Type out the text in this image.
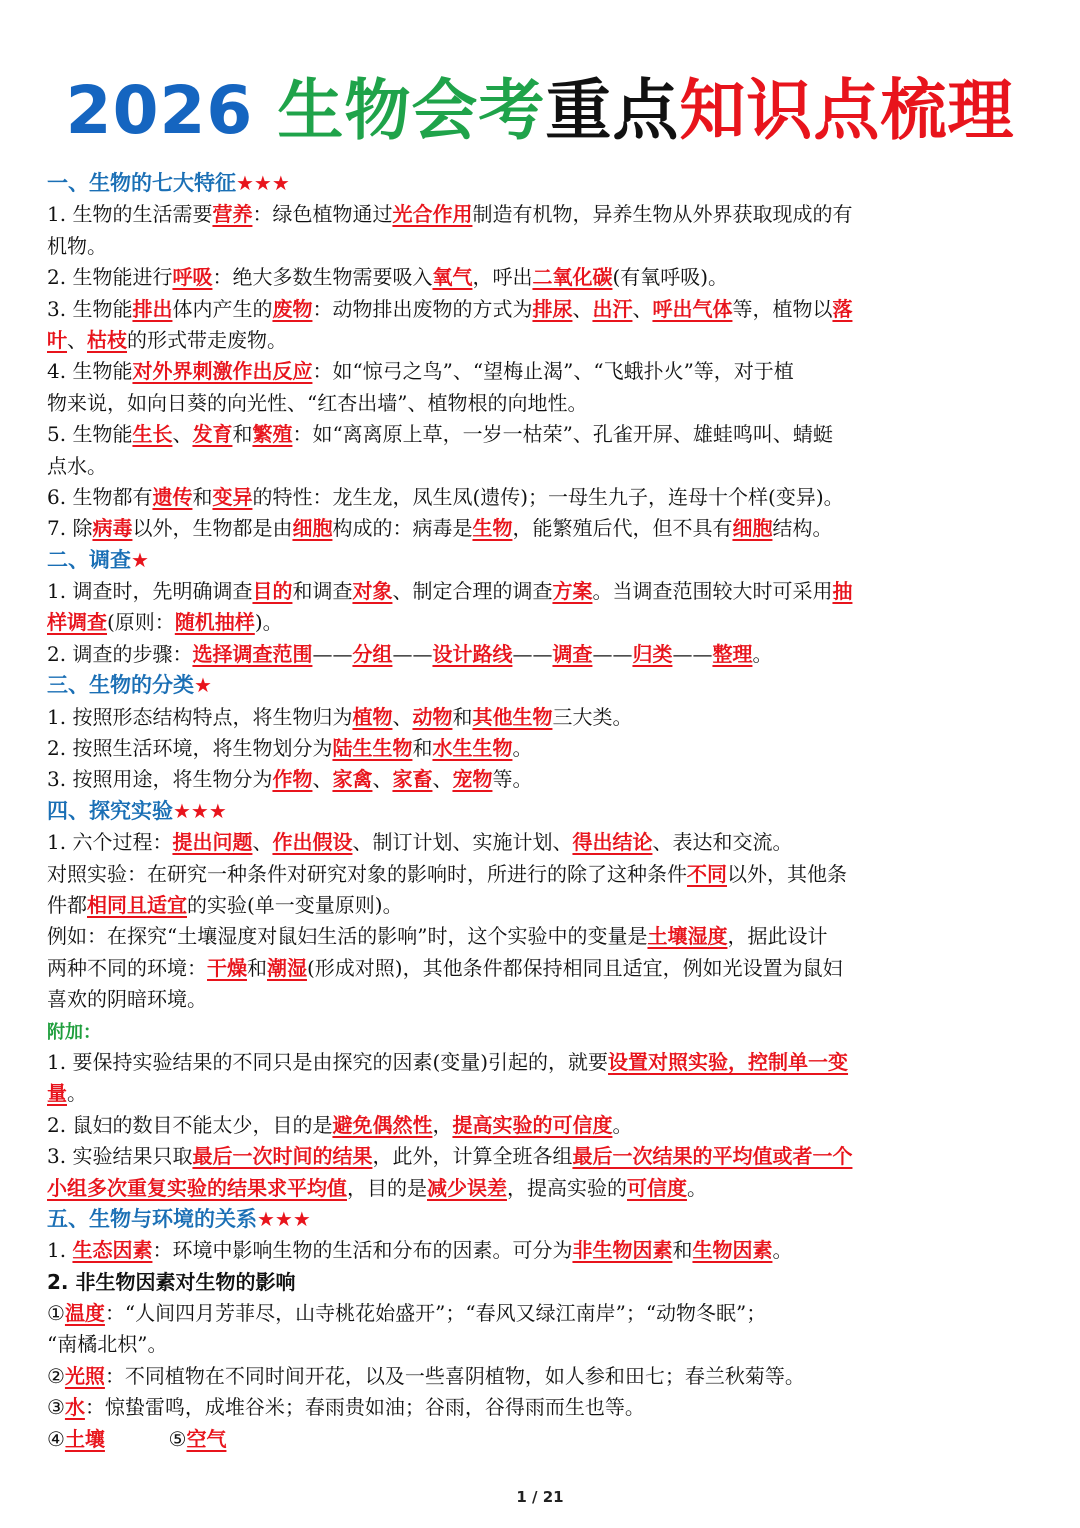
2026 生物会考重点知识点梳理
一、生物的七大特征★★★
1. 生物的生活需要营养：绿色植物通过光合作用制造有机物，异养生物从外界获取现成的有
机物。
2. 生物能进行呼吸：绝大多数生物需要吸入氧气，呼出二氧化碳(有氧呼吸)。
3. 生物能排出体内产生的废物：动物排出废物的方式为排尿、出汗、呼出气体等，植物以落
叶、枯枝的形式带走废物。
4. 生物能对外界刺激作出反应：如“惊弓之鸟”、“望梅止渴”、“飞蛾扑火”等，对于植
物来说，如向日葵的向光性、“红杏出墙”、植物根的向地性。
5. 生物能生长、发育和繁殖：如“离离原上草，一岁一枯荣”、孔雀开屏、雄蛙鸣叫、蜻蜓
点水。
6. 生物都有遗传和变异的特性：龙生龙，凤生凤(遗传)；一母生九子，连母十个样(变异)。
7. 除病毒以外，生物都是由细胞构成的：病毒是生物，能繁殖后代，但不具有细胞结构。
二、调查★
1. 调查时，先明确调查目的和调查对象、制定合理的调查方案。当调查范围较大时可采用抽
样调查(原则：随机抽样)。
2. 调查的步骤：选择调查范围——分组——设计路线——调查——归类——整理。
三、生物的分类★
1. 按照形态结构特点，将生物归为植物、动物和其他生物三大类。
2. 按照生活环境，将生物划分为陆生生物和水生生物。
3. 按照用途，将生物分为作物、家禽、家畜、宠物等。
四、探究实验★★★
1. 六个过程：提出问题、作出假设、制订计划、实施计划、得出结论、表达和交流。
对照实验：在研究一种条件对研究对象的影响时，所进行的除了这种条件不同以外，其他条
件都相同且适宜的实验(单一变量原则)。
例如：在探究“土壤湿度对鼠妇生活的影响”时，这个实验中的变量是土壤湿度，据此设计
两种不同的环境：干燥和潮湿(形成对照)，其他条件都保持相同且适宜，例如光设置为鼠妇
喜欢的阴暗环境。
附加：
1. 要保持实验结果的不同只是由探究的因素(变量)引起的，就要设置对照实验，控制单一变
量。
2. 鼠妇的数目不能太少，目的是避免偶然性，提高实验的可信度。
3. 实验结果只取最后一次时间的结果，此外，计算全班各组最后一次结果的平均值或者一个
小组多次重复实验的结果求平均值，目的是减少误差，提高实验的可信度。
五、生物与环境的关系★★★
1. 生态因素：环境中影响生物的生活和分布的因素。可分为非生物因素和生物因素。
2. 非生物因素对生物的影响
①温度：“人间四月芳菲尽，山寺桃花始盛开”；“春风又绿江南岸”；“动物冬眠”；
“南橘北枳”。
②光照：不同植物在不同时间开花，以及一些喜阴植物，如人参和田七；春兰秋菊等。
③水：惊蛰雷鸣，成堆谷米；春雨贵如油；谷雨，谷得雨而生也等。
④土壤          ⑤空气
1 / 21
